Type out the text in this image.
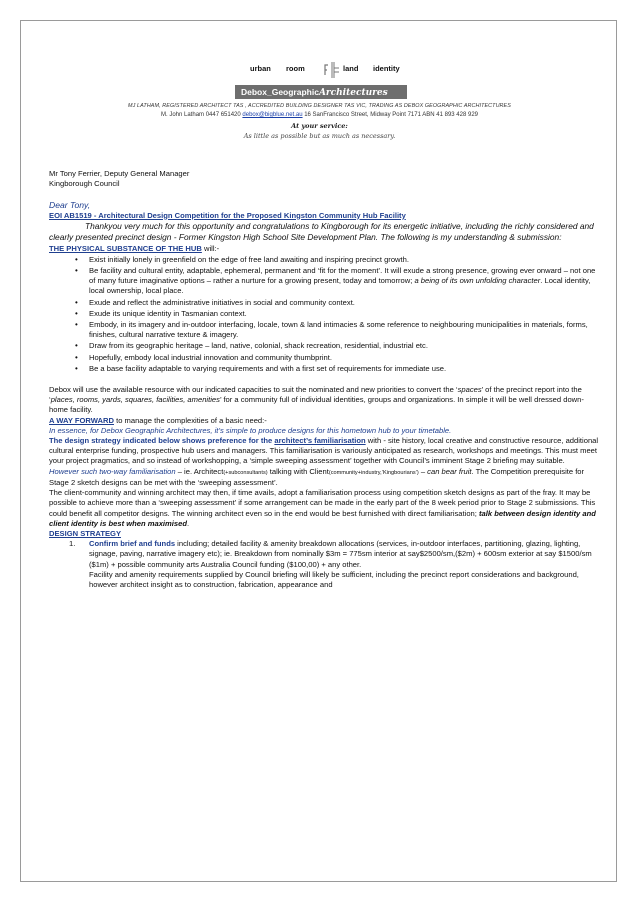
urban room	land identity
Debox_GeographicArchitectures
MJ LATHAM, REGISTERED ARCHITECT TAS , ACCREDITED BUILDING DESIGNER TAS VIC, TRADING AS DEBOX GEOGRAPHIC ARCHITECTURES
M. John Latham 0447 651420 debox@bigblue.net.au 16 SanFrancisco Street, Midway Point 7171 ABN 41 893 428 929
At your service:
As little as possible but as much as necessary.

Mr Tony Ferrier, Deputy General Manager

Kingborough Council

Dear Tony,

EOI AB1519 - Architectural Design Competition for the Proposed Kingston Community Hub Facility

Thankyou very much for this opportunity and congratulations to Kingborough for its energetic initiative, including the richly considered and clearly presented precinct design - Former Kingston High School Site Development Plan. The following is my understanding & submission:

THE PHYSICAL SUBSTANCE OF THE HUB will:-

• Exist initially lonely in greenfield on the edge of free land awaiting and inspiring precinct growth.
• Be facility and cultural entity, adaptable, ephemeral, permanent and ‘fit for the moment’. It will exude a strong presence, growing ever onward – not one of many future imaginative options – rather a nurture for a growing present, today and tomorrow; a being of its own unfolding character. Local identity, local ownership, local place.
• Exude and reflect the administrative initiatives in social and community context.
• Exude its unique identity in Tasmanian context.
• Embody, in its imagery and in-outdoor interfacing, locale, town & land intimacies & some reference to neighbouring municipalities in materials, forms, finishes, cultural narrative texture & imagery.
• Draw from its geographic heritage – land, native, colonial, shack recreation, residential, industrial etc.
• Hopefully, embody local industrial innovation and community thumbprint.
• Be a base facility adaptable to varying requirements and with a first set of requirements for immediate use.

Debox will use the available resource with our indicated capacities to suit the nominated and new priorities to convert the ‘spaces’ of the precinct report into the ‘places, rooms, yards, squares, facilities, amenities’ for a community full of individual identities, groups and organizations. In simple it will be well dressed down-home facility.

A WAY FORWARD to manage the complexities of a basic need:-

In essence, for Debox Geographic Architectures, it’s simple to produce designs for this hometown hub to your timetable.

The design strategy indicated below shows preference for the architect’s familiarisation with - site history, local creative and constructive resource, additional cultural enterprise funding, prospective hub users and managers. This familiarisation is variously anticipated as research, workshops and meetings. This must meet your project pragmatics, and so instead of workshopping, a ‘simple sweeping assessment’ together with Council’s imminent Stage 2 briefing may suitable.

However such two-way familiarisation – ie. Architect(+subconsultants) talking with Client(community+industry,‘Kingbourians’) – can bear fruit. The Competition prerequisite for Stage 2 sketch designs can be met with the ‘sweeping assessment’.

The client-community and winning architect may then, if time avails, adopt a familiarisation process using competition sketch designs as part of the fray. It may be possible to achieve more than a ‘sweeping assessment’ if some arrangement can be made in the early part of the 8 week period prior to Stage 2 submissions. This could benefit all competitor designs. The winning architect even so in the end would be best furnished with direct familiarisation; talk between design identity and client identity is best when maximised.

DESIGN STRATEGY

1. Confirm brief and funds including; detailed facility & amenity breakdown allocations (services, in-outdoor interfaces, partitioning, glazing, lighting, signage, paving, narrative imagery etc); ie. Breakdown from nominally $3m = 775sm interior at say$2500/sm,($2m) + 600sm exterior at say $1500/sm ($1m) + possible community arts Australia Council funding ($100,00) + any other.
Facility and amenity requirements supplied by Council briefing will likely be sufficient, including the precinct report considerations and background, however architect insight as to construction, fabrication, appearance and
